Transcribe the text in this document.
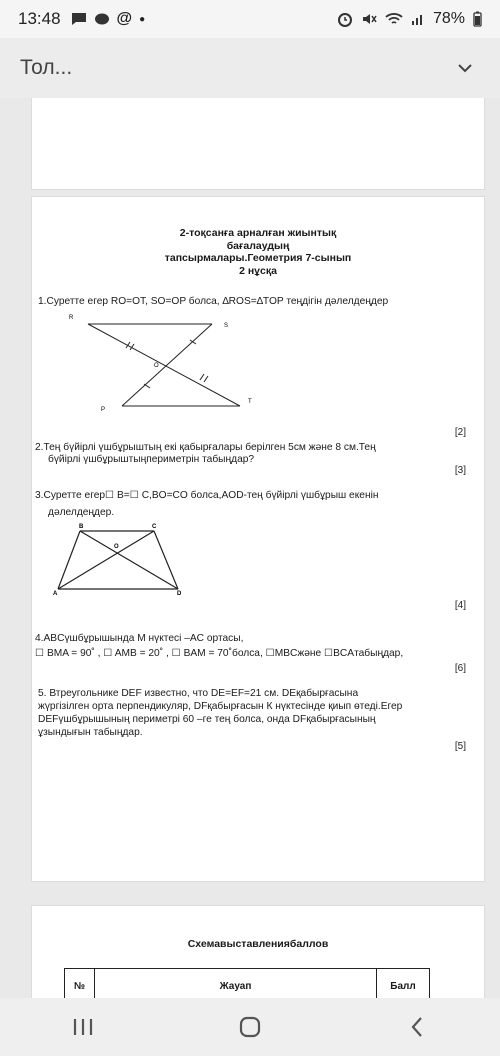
13:48	@ ●	78%
Тол...
2-тоқсанға арналған жиынтық
бағалаудың
тапсырмалары.Геометрия 7-сынып
2 нұсқа
1.Суретте егер RO=OT, SO=OP болса, ∆ROS=∆TOP теңдігін дәлелдеңдер
R
S
O
P
T
[2]
2.Тең бүйірлі үшбұрыштың екі қабырғалары берілген 5см және 8 см.Тең
бүйірлі үшбұрыштыңпериметрін табыңдар?
[3]
3.Суретте егер☐ B=☐ C,BO=CO болса,AOD-тең бүйірлі үшбұрыш екенін
дәлелдеңдер.
B	C
O
A	D
[4]
4.ABCүшбұрышында M нүктесі –AC ортасы,
☐ BMA = 90˚ , ☐ AMB = 20˚ , ☐ BAM = 70˚болса, ☐MBCжәне ☐BCAтабыңдар,
[6]
5. Втреугольнике DEF известно, что DE=EF=21 см. DEқабырғасына
жүргізілген орта перпендикуляр, DFқабырғасын К нүктесінде қиып өтеді.Егер
DEFүшбұрышының периметрі 60 –ге тең болса, онда DFқабырғасының
ұзындығын табыңдар.
[5]
Схемавыставлениябаллов
№	Жауап	Балл
